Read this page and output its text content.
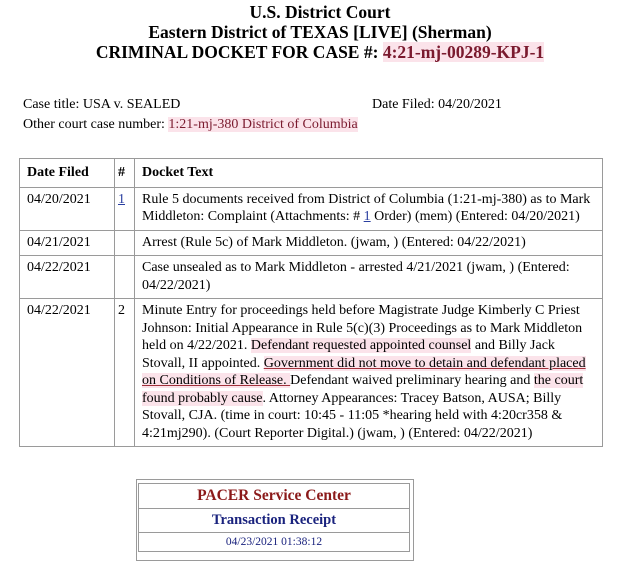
U.S. District Court
Eastern District of TEXAS [LIVE] (Sherman)
CRIMINAL DOCKET FOR CASE #: 4:21-mj-00289-KPJ-1
Case title: USA v. SEALED	Date Filed: 04/20/2021
Other court case number: 1:21-mj-380 District of Columbia
Date Filed	#	Docket Text
04/20/2021	1	Rule 5 documents received from District of Columbia (1:21-mj-380) as to Mark Middleton: Complaint (Attachments: # 1 Order) (mem) (Entered: 04/20/2021)
04/21/2021		Arrest (Rule 5c) of Mark Middleton. (jwam, ) (Entered: 04/22/2021)
04/22/2021		Case unsealed as to Mark Middleton - arrested 4/21/2021 (jwam, ) (Entered: 04/22/2021)
04/22/2021	2	Minute Entry for proceedings held before Magistrate Judge Kimberly C Priest Johnson: Initial Appearance in Rule 5(c)(3) Proceedings as to Mark Middleton held on 4/22/2021. Defendant requested appointed counsel and Billy Jack Stovall, II appointed. Government did not move to detain and defendant placed on Conditions of Release. Defendant waived preliminary hearing and the court found probably cause. Attorney Appearances: Tracey Batson, AUSA; Billy Stovall, CJA. (time in court: 10:45 - 11:05 *hearing held with 4:20cr358 & 4:21mj290). (Court Reporter Digital.) (jwam, ) (Entered: 04/22/2021)
PACER Service Center
Transaction Receipt
04/23/2021 01:38:12
